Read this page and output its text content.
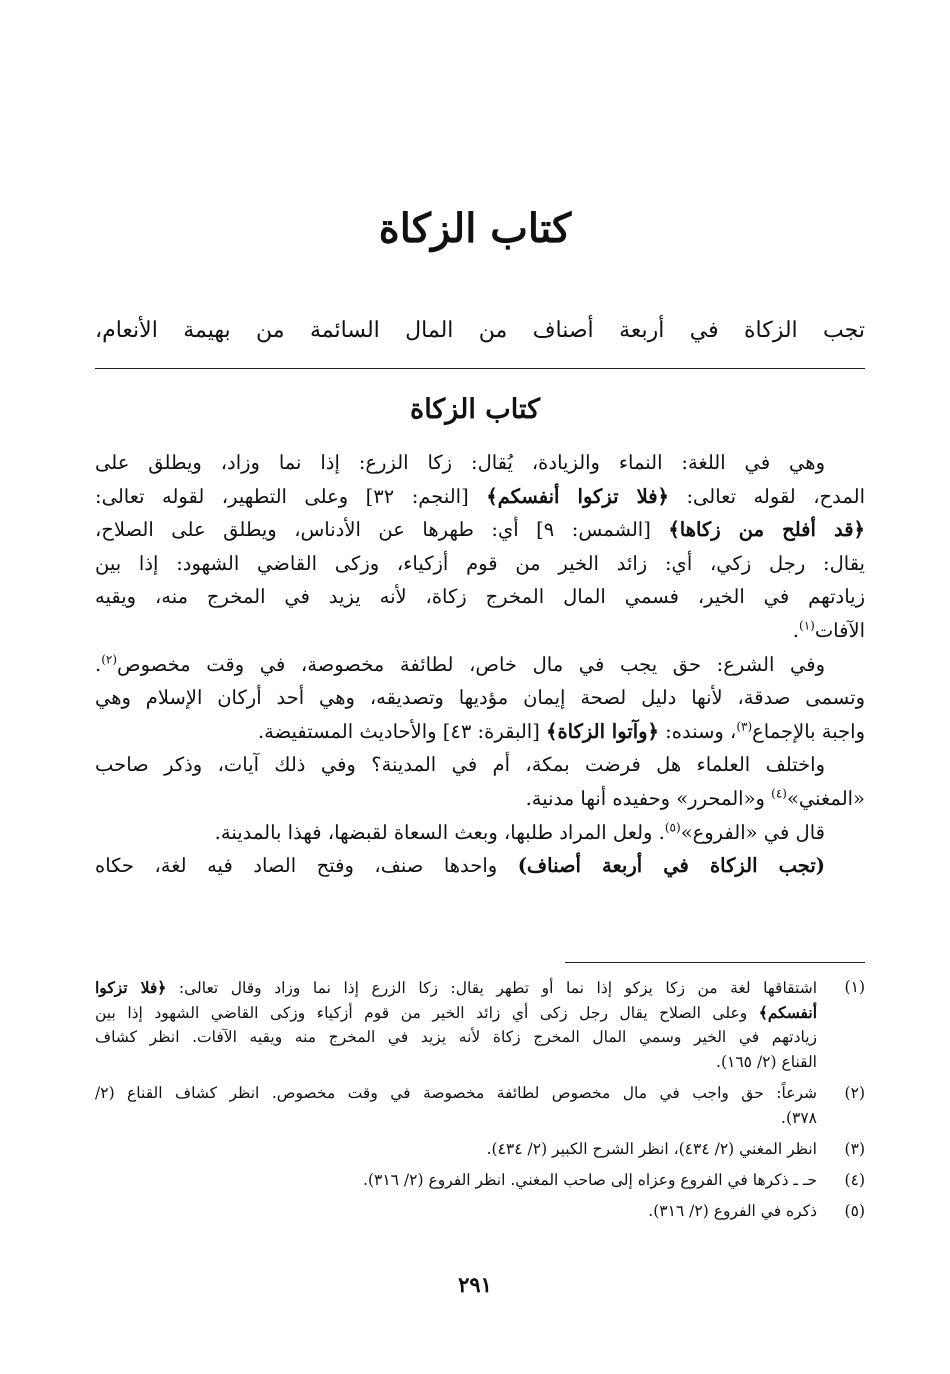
كتاب الزكاة
تجب الزكاة في أربعة أصناف من المال السائمة من بهيمة الأنعام،
كتاب الزكاة
وهي في اللغة: النماء والزيادة، يُقال: زكا الزرع: إذا نما وزاد، ويطلق على
المدح، لقوله تعالى: ﴿فلا تزكوا أنفسكم﴾ [النجم: ٣٢] وعلى التطهير، لقوله تعالى:
﴿قد أفلح من زكاها﴾ [الشمس: ٩] أي: طهرها عن الأدناس، ويطلق على الصلاح،
يقال: رجل زكي، أي: زائد الخير من قوم أزكياء، وزكى القاضي الشهود: إذا بين
زيادتهم في الخير، فسمي المال المخرج زكاة، لأنه يزيد في المخرج منه، ويقيه
الآفات$^{(١)}$.
وفي الشرع: حق يجب في مال خاص، لطائفة مخصوصة، في وقت مخصوص$^{(٢)}$.
وتسمى صدقة، لأنها دليل لصحة إيمان مؤديها وتصديقه، وهي أحد أركان الإسلام وهي
واجبة بالإجماع$^{(٣)}$، وسنده: ﴿وآتوا الزكاة﴾ [البقرة: ٤٣] والأحاديث المستفيضة.
واختلف العلماء هل فرضت بمكة، أم في المدينة؟ وفي ذلك آيات، وذكر صاحب
«المغني»$^{(٤)}$ و«المحرر» وحفيده أنها مدنية.
قال في «الفروع»$^{(٥)}$. ولعل المراد طلبها، وبعث السعاة لقبضها، فهذا بالمدينة.
(تجب الزكاة في أربعة أصناف) واحدها صنف، وفتح الصاد فيه لغة، حكاه
(١)
اشتقاقها لغة من زكا يزكو إذا نما أو تطهر يقال: زكا الزرع إذا نما وزاد وقال تعالى: ﴿فلا تزكوا
أنفسكم﴾ وعلى الصلاح يقال رجل زكى أي زائد الخير من قوم أزكياء وزكى القاضي الشهود إذا بين
زيادتهم في الخير وسمي المال المخرج زكاة لأنه يزيد في المخرج منه ويقيه الآفات. انظر كشاف
القناع (٢/ ١٦٥).
(٢)
شرعاً: حق واجب في مال مخصوص لطائفة مخصوصة في وقت مخصوص. انظر كشاف القناع (٢/
٣٧٨).
(٣)
انظر المغني (٢/ ٤٣٤)، انظر الشرح الكبير (٢/ ٤٣٤).
(٤)
حـ ـ ذكرها في الفروع وعزاه إلى صاحب المغني. انظر الفروع (٢/ ٣١٦).
(٥)
ذكره في الفروع (٢/ ٣١٦).
٢٩١
